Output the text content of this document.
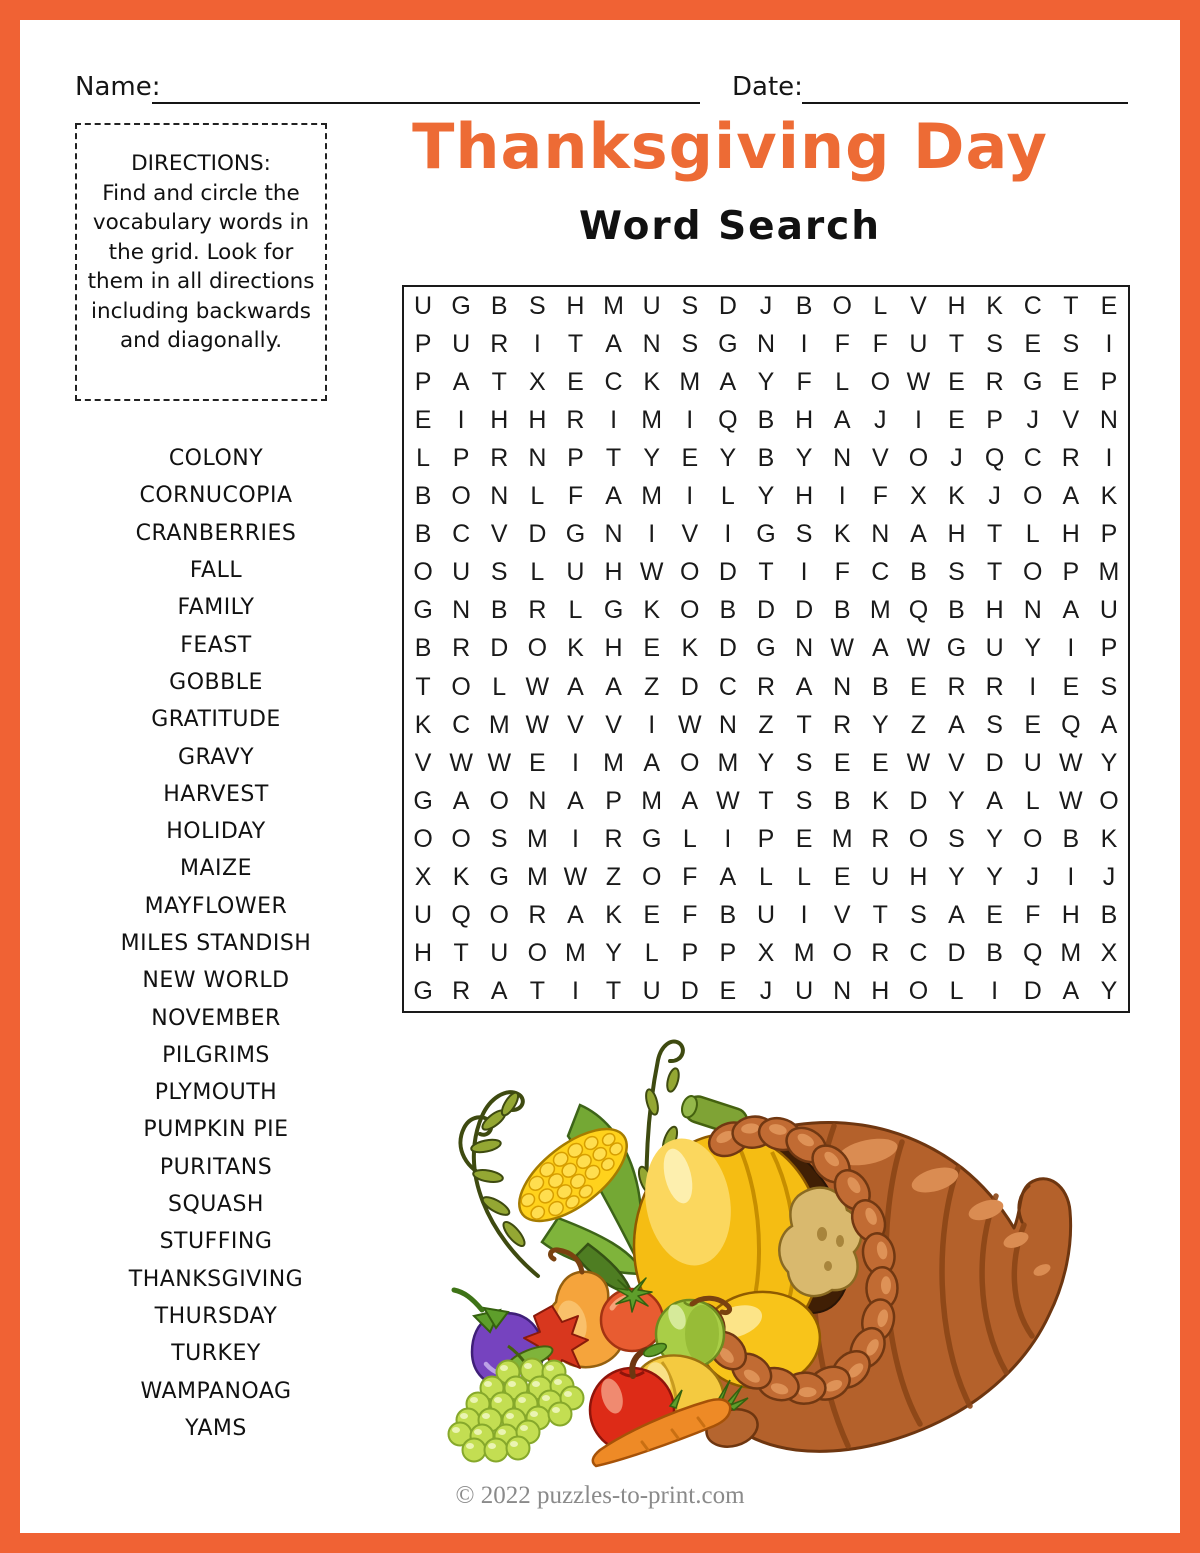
Name:	Date:
Thanksgiving Day
Word Search
DIRECTIONS:
Find and circle the vocabulary words in the grid. Look for them in all directions including backwards and diagonally.
COLONY
CORNUCOPIA
CRANBERRIES
FALL
FAMILY
FEAST
GOBBLE
GRATITUDE
GRAVY
HARVEST
HOLIDAY
MAIZE
MAYFLOWER
MILES STANDISH
NEW WORLD
NOVEMBER
PILGRIMS
PLYMOUTH
PUMPKIN PIE
PURITANS
SQUASH
STUFFING
THANKSGIVING
THURSDAY
TURKEY
WAMPANOAG
YAMS
U G B S H M U S D J B O L V H K C T E
P U R	I	T A N S G N	I	F F U T S E S	I
P A T X E C K M A Y F L O W E R G E P
E	I	H H R	I M I Q B H A J	I	E P J V N
L P R N P T Y E Y B Y N V O J Q C R	I
B O N L F A M I	L Y H	I	F X K J O A K
B C V D G N	I	V	I G S K N A H T L H P
O U S L U H W O D T	I	F C B S T O P M
G N B R L G K O B D D B M Q B H N A U
B R D O K H E K D G N W A W G U Y	I	P
T O L W A A Z D C R A N B E R R	I	E S
K C M W V V	I W N Z T R Y Z A S E Q A
V W W E	I M A O M Y S E E W V D U W Y
G A O N A P M A W T S B K D Y A L W O
O O S M I	R G L	I	P E M R O S Y O B K
X K G M W Z O F A L L E U H Y Y J	I	J
U Q O R A K E F B U	I	V T S A E F H B
H T U O M Y L P P X M O R C D B Q M X
G R A T	I	T U D E J U N H O L	I	D A Y
© 2022 puzzles-to-print.com
